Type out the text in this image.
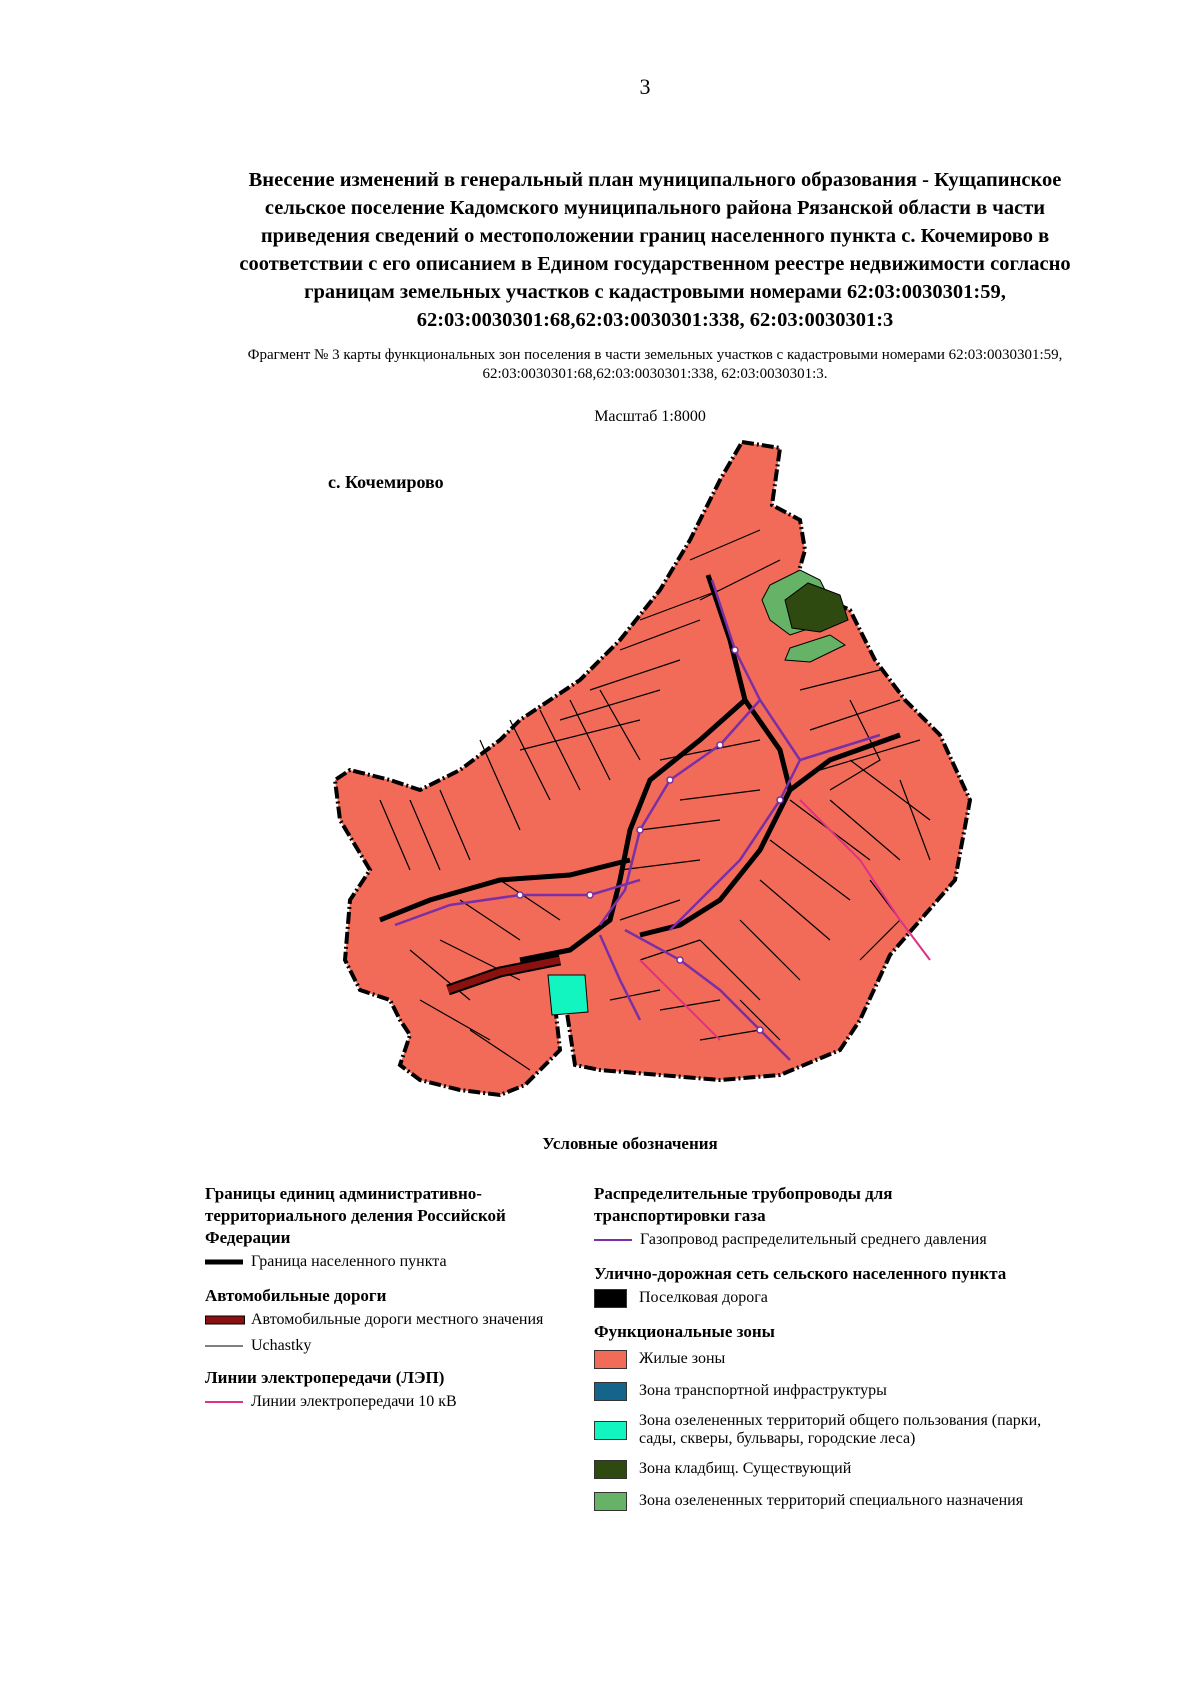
3
Внесение изменений в генеральный план муниципального образования - Кущапинское сельское поселение Кадомского муниципального района Рязанской области в части приведения сведений о местоположении границ населенного пункта с. Кочемирово в соответствии с его описанием в Едином государственном реестре недвижимости согласно границам земельных участков с кадастровыми номерами 62:03:0030301:59, 62:03:0030301:68,62:03:0030301:338, 62:03:0030301:3
Фрагмент № 3 карты функциональных зон поселения в части земельных участков с кадастровыми номерами 62:03:0030301:59, 62:03:0030301:68,62:03:0030301:338, 62:03:0030301:3.
Масштаб 1:8000
с. Кочемирово
Условные обозначения
Границы единиц административно-территориального деления Российской Федерации
Граница населенного пункта
Автомобильные дороги
Автомобильные дороги местного значения
Uchastky
Линии электропередачи (ЛЭП)
Линии электропередачи 10 кВ
Распределительные трубопроводы для транспортировки газа
Газопровод распределительный среднего давления
Улично-дорожная сеть сельского населенного пункта
Поселковая дорога
Функциональные зоны
Жилые зоны
Зона транспортной инфраструктуры
Зона озелененных территорий общего пользования (парки, сады, скверы, бульвары, городские леса)
Зона кладбищ. Существующий
Зона озелененных территорий специального назначения
